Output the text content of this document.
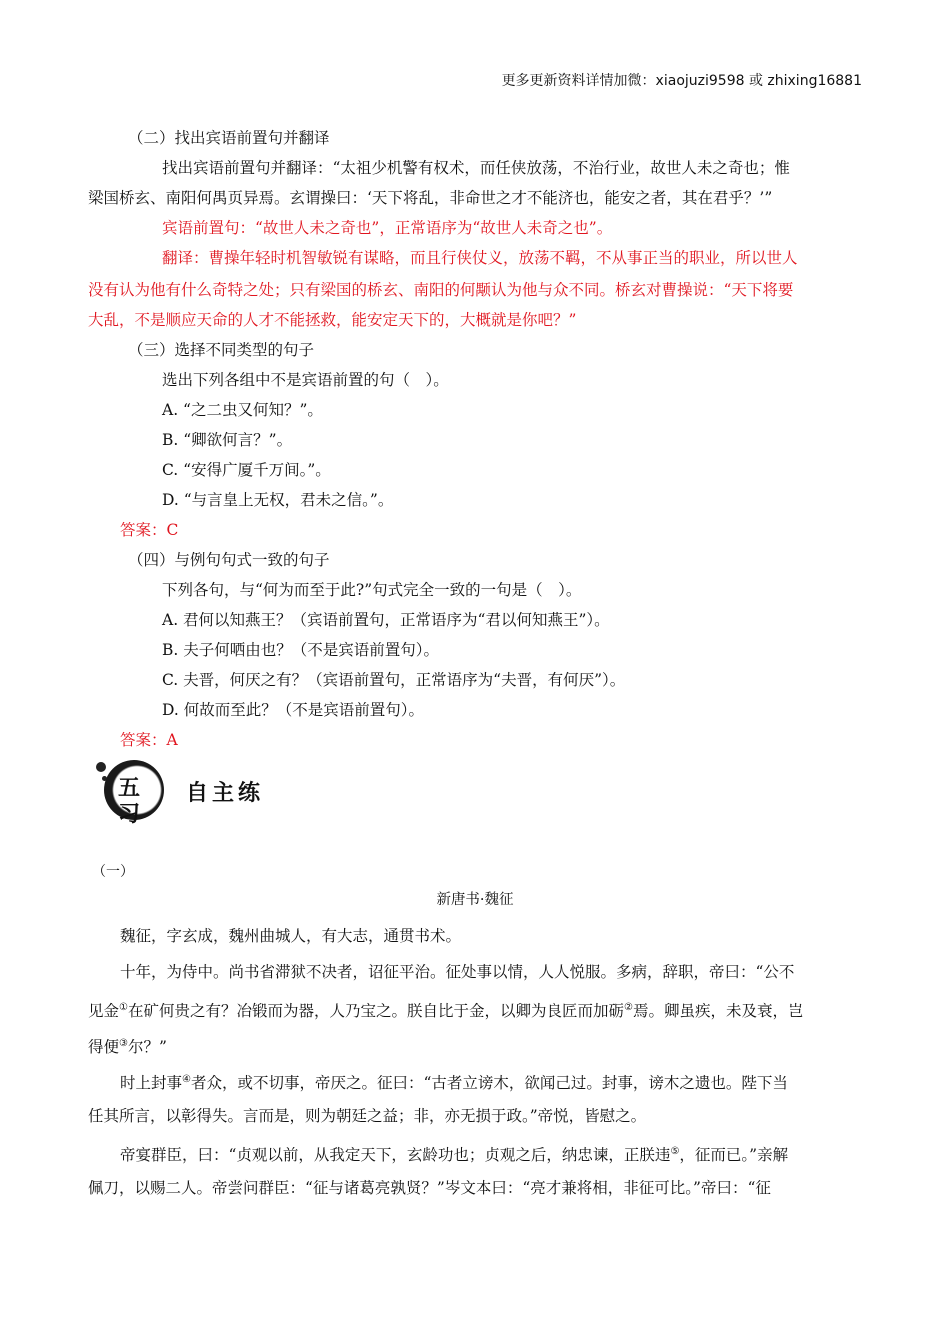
更多更新资料详情加微：xiaojuzi9598 或 zhixing16881
（二）找出宾语前置句并翻译
找出宾语前置句并翻译：“太祖少机警有权术，而任侠放荡，不治行业，故世人未之奇也；惟
梁国桥玄、南阳何禺页异焉。玄谓操曰：‘天下将乱，非命世之才不能济也，能安之者，其在君乎？’”
宾语前置句：“故世人未之奇也”，正常语序为“故世人未奇之也”。
翻译：曹操年轻时机智敏锐有谋略，而且行侠仗义，放荡不羁，不从事正当的职业，所以世人
没有认为他有什么奇特之处；只有梁国的桥玄、南阳的何颙认为他与众不同。桥玄对曹操说：“天下将要
大乱，不是顺应天命的人才不能拯救，能安定天下的，大概就是你吧？”
（三）选择不同类型的句子
选出下列各组中不是宾语前置的句（　）。
A. “之二虫又何知？”。
B. “卿欲何言？”。
C. “安得广厦千万间。”。
D. “与言皇上无权，君未之信。”。
答案：C
（四）与例句句式一致的句子
下列各句，与“何为而至于此?”句式完全一致的一句是（　）。
A. 君何以知燕王？（宾语前置句，正常语序为“君以何知燕王”）。
B. 夫子何哂由也？（不是宾语前置句）。
C. 夫晋，何厌之有？（宾语前置句，正常语序为“夫晋，有何厌”）。
D. 何故而至此？（不是宾语前置句）。
答案：A
五
习
自主练
（一）
新唐书·魏征
魏征，字玄成，魏州曲城人，有大志，通贯书术。
十年，为侍中。尚书省滞狱不决者，诏征平治。征处事以情，人人悦服。多病，辞职，帝曰：“公不
见金①在矿何贵之有？冶锻而为器，人乃宝之。朕自比于金，以卿为良匠而加砺②焉。卿虽疾，未及衰，岂
得便③尔？”
时上封事④者众，或不切事，帝厌之。征曰：“古者立谤木，欲闻己过。封事，谤木之遗也。陛下当
任其所言，以彰得失。言而是，则为朝廷之益；非，亦无损于政。”帝悦，皆慰之。
帝宴群臣，曰：“贞观以前，从我定天下，玄龄功也；贞观之后，纳忠谏，正朕违⑤，征而已。”亲解
佩刀，以赐二人。帝尝问群臣：“征与诸葛亮孰贤？”岑文本曰：“亮才兼将相，非征可比。”帝曰：“征
